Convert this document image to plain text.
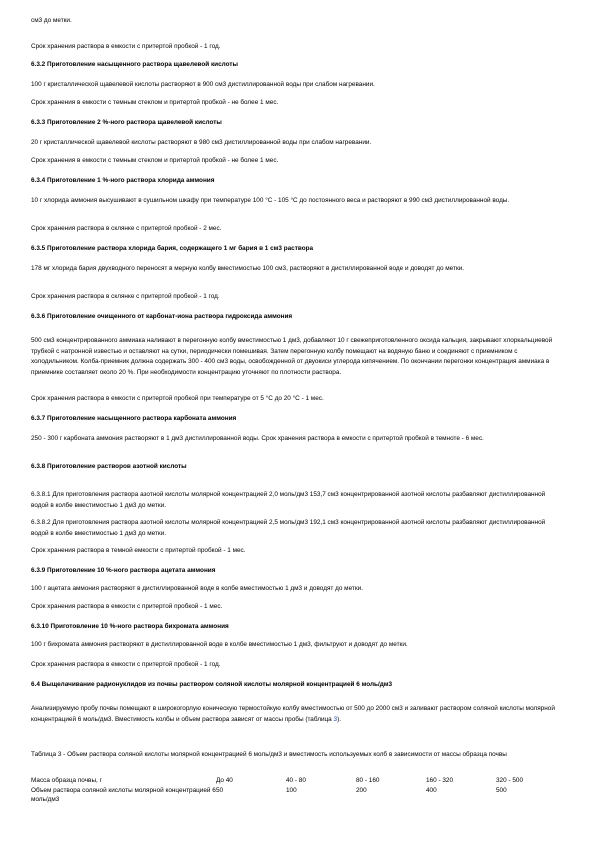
см3 до метки.
Срок хранения раствора в емкости с притертой пробкой - 1 год.
6.3.2 Приготовление насыщенного раствора щавелевой кислоты
100 г кристаллической щавелевой кислоты растворяют в 900 см3 дистиллированной воды при слабом нагревании.
Срок хранения в емкости с темным стеклом и притертой пробкой - не более 1 мес.
6.3.3 Приготовление 2 %-ного раствора щавелевой кислоты
20 г кристаллической щавелевой кислоты растворяют в 980 см3 дистиллированной воды при слабом нагревании.
Срок хранения в емкости с темным стеклом и притертой пробкой - не более 1 мес.
6.3.4 Приготовление 1 %-ного раствора хлорида аммония
10 г хлорида аммония высушивают в сушильном шкафу при температуре 100 °С - 105 °С до постоянного веса и растворяют в 990 см3 дистиллированной воды.
Срок хранения раствора в склянке с притертой пробкой - 2 мес.
6.3.5 Приготовление раствора хлорида бария, содержащего 1 мг бария в 1 см3 раствора
178 мг хлорида бария двухводного переносят в мерную колбу вместимостью 100 см3, растворяют в дистиллированной воде и доводят до метки.
Срок хранения раствора в склянке с притертой пробкой - 1 год.
6.3.6 Приготовление очищенного от карбонат-иона раствора гидроксида аммония
500 см3 концентрированного аммиака наливают в перегонную колбу вместимостью 1 дм3, добавляют 10 г свежеприготовленного оксида кальция, закрывают хлоркальциевой трубкой с натронной известью и оставляют на сутки, периодически помешивая. Затем перегонную колбу помещают на водяную баню и соединяют с приемником с холодильником. Колба-приемник должна содержать 300 - 400 см3 воды, освобожденной от двуокиси углерода кипячением. По окончании перегонки концентрация аммиака в приемнике составляет около 20 %. При необходимости концентрацию уточняют по плотности раствора.
Срок хранения раствора в емкости с притертой пробкой при температуре от 5 °С до 20 °С - 1 мес.
6.3.7 Приготовление насыщенного раствора карбоната аммония
250 - 300 г карбоната аммония растворяют в 1 дм3 дистиллированной воды. Срок хранения раствора в емкости с притертой пробкой в темноте - 6 мес.
6.3.8 Приготовление растворов азотной кислоты
6.3.8.1 Для приготовления раствора азотной кислоты молярной концентрацией 2,0 моль/дм3 153,7 см3 концентрированной азотной кислоты разбавляют дистиллированной водой в колбе вместимостью 1 дм3 до метки.
6.3.8.2 Для приготовления раствора азотной кислоты молярной концентрацией 2,5 моль/дм3 192,1 см3 концентрированной азотной кислоты разбавляют дистиллированной водой в колбе вместимостью 1 дм3 до метки.
Срок хранения раствора в темной емкости с притертой пробкой - 1 мес.
6.3.9 Приготовление 10 %-ного раствора ацетата аммония
100 г ацетата аммония растворяют в дистиллированной воде в колбе вместимостью 1 дм3 и доводят до метки.
Срок хранения раствора в емкости с притертой пробкой - 1 мес.
6.3.10 Приготовление 10 %-ного раствора бихромата аммония
100 г бихромата аммония растворяют в дистиллированной воде в колбе вместимостью 1 дм3, фильтруют и доводят до метки.
Срок хранения раствора в емкости с притертой пробкой - 1 год.
6.4 Выщелачивание радионуклидов из почвы раствором соляной кислоты молярной концентрацией 6 моль/дм3
Анализируемую пробу почвы помещают в широкогорлую коническую термостойкую колбу вместимостью от 500 до 2000 см3 и заливают раствором соляной кислоты молярной концентрацией 6 моль/дм3. Вместимость колбы и объем раствора зависят от массы пробы (таблица 3).
Таблица 3 - Объем раствора соляной кислоты молярной концентрацией 6 моль/дм3 и вместимость используемых колб в зависимости от массы образца почвы
Масса образца почвы, г	До 40	40 - 80	80 - 160	160 - 320	320 - 500
Объем раствора соляной кислоты молярной концентрацией 6 моль/дм3	50	100	200	400	500
